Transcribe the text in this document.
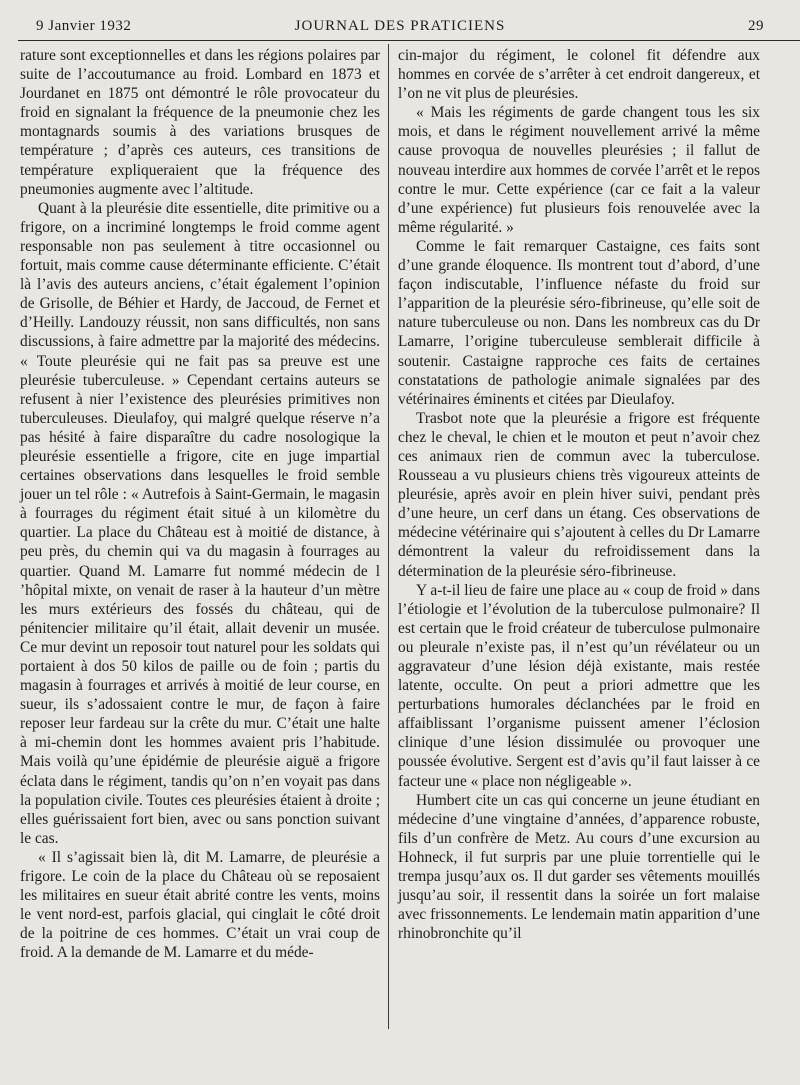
9 Janvier 1932	JOURNAL DES PRATICIENS	29

rature sont exceptionnelles et dans les régions polaires par suite de l’accoutumance au froid. Lombard en 1873 et Jourdanet en 1875 ont démontré le rôle provocateur du froid en signalant la fréquence de la pneumonie chez les montagnards soumis à des variations brusques de température ; d’après ces auteurs, ces transitions de température expliqueraient que la fréquence des pneumonies augmente avec l’altitude.

Quant à la pleurésie dite essentielle, dite primitive ou a frigore, on a incriminé longtemps le froid comme agent responsable non pas seulement à titre occasionnel ou fortuit, mais comme cause déterminante efficiente. C’était là l’avis des auteurs anciens, c’était également l’opinion de Grisolle, de Béhier et Hardy, de Jaccoud, de Fernet et d’Heilly. Landouzy réussit, non sans difficultés, non sans discussions, à faire admettre par la majorité des médecins. « Toute pleurésie qui ne fait pas sa preuve est une pleurésie tuberculeuse. » Cependant certains auteurs se refusent à nier l’existence des pleurésies primitives non tuberculeuses. Dieulafoy, qui malgré quelque réserve n’a pas hésité à faire disparaître du cadre nosologique la pleurésie essentielle a frigore, cite en juge impartial certaines observations dans lesquelles le froid semble jouer un tel rôle : « Autrefois à Saint-Germain, le magasin à fourrages du régiment était situé à un kilomètre du quartier. La place du Château est à moitié de distance, à peu près, du chemin qui va du magasin à fourrages au quartier. Quand M. Lamarre fut nommé médecin de l ’hôpital mixte, on venait de raser à la hauteur d’un mètre les murs extérieurs des fossés du château, qui de pénitencier militaire qu’il était, allait devenir un musée. Ce mur devint un reposoir tout naturel pour les soldats qui portaient à dos 50 kilos de paille ou de foin ; partis du magasin à fourrages et arrivés à moitié de leur course, en sueur, ils s’adossaient contre le mur, de façon à faire reposer leur fardeau sur la crête du mur. C’était une halte à mi-chemin dont les hommes avaient pris l’habitude. Mais voilà qu’une épidémie de pleurésie aiguë a frigore éclata dans le régiment, tandis qu’on n’en voyait pas dans la population civile. Toutes ces pleurésies étaient à droite ; elles guérissaient fort bien, avec ou sans ponction suivant le cas.

« Il s’agissait bien là, dit M. Lamarre, de pleurésie a frigore. Le coin de la place du Château où se reposaient les militaires en sueur était abrité contre les vents, moins le vent nord-est, parfois glacial, qui cinglait le côté droit de la poitrine de ces hommes. C’était un vrai coup de froid. A la demande de M. Lamarre et du méde-

cin-major du régiment, le colonel fit défendre aux hommes en corvée de s’arrêter à cet endroit dangereux, et l’on ne vit plus de pleurésies.

« Mais les régiments de garde changent tous les six mois, et dans le régiment nouvellement arrivé la même cause provoqua de nouvelles pleurésies ; il fallut de nouveau interdire aux hommes de corvée l’arrêt et le repos contre le mur. Cette expérience (car ce fait a la valeur d’une expérience) fut plusieurs fois renouvelée avec la même régularité. »

Comme le fait remarquer Castaigne, ces faits sont d’une grande éloquence. Ils montrent tout d’abord, d’une façon indiscutable, l’influence néfaste du froid sur l’apparition de la pleurésie séro-fibrineuse, qu’elle soit de nature tuberculeuse ou non. Dans les nombreux cas du Dr Lamarre, l’origine tuberculeuse semblerait difficile à soutenir. Castaigne rapproche ces faits de certaines constatations de pathologie animale signalées par des vétérinaires éminents et citées par Dieulafoy.

Trasbot note que la pleurésie a frigore est fréquente chez le cheval, le chien et le mouton et peut n’avoir chez ces animaux rien de commun avec la tuberculose. Rousseau a vu plusieurs chiens très vigoureux atteints de pleurésie, après avoir en plein hiver suivi, pendant près d’une heure, un cerf dans un étang. Ces observations de médecine vétérinaire qui s’ajoutent à celles du Dr Lamarre démontrent la valeur du refroidissement dans la détermination de la pleurésie séro-fibrineuse.

Y a-t-il lieu de faire une place au « coup de froid » dans l’étiologie et l’évolution de la tuberculose pulmonaire? Il est certain que le froid créateur de tuberculose pulmonaire ou pleurale n’existe pas, il n’est qu’un révélateur ou un aggravateur d’une lésion déjà existante, mais restée latente, occulte. On peut a priori admettre que les perturbations humorales déclanchées par le froid en affaiblissant l’organisme puissent amener l’éclosion clinique d’une lésion dissimulée ou provoquer une poussée évolutive. Sergent est d’avis qu’il faut laisser à ce facteur une « place non négligeable ».

Humbert cite un cas qui concerne un jeune étudiant en médecine d’une vingtaine d’années, d’apparence robuste, fils d’un confrère de Metz. Au cours d’une excursion au Hohneck, il fut surpris par une pluie torrentielle qui le trempa jusqu’aux os. Il dut garder ses vêtements mouillés jusqu’au soir, il ressentit dans la soirée un fort malaise avec frissonnements. Le lendemain matin apparition d’une rhinobronchite qu’il
